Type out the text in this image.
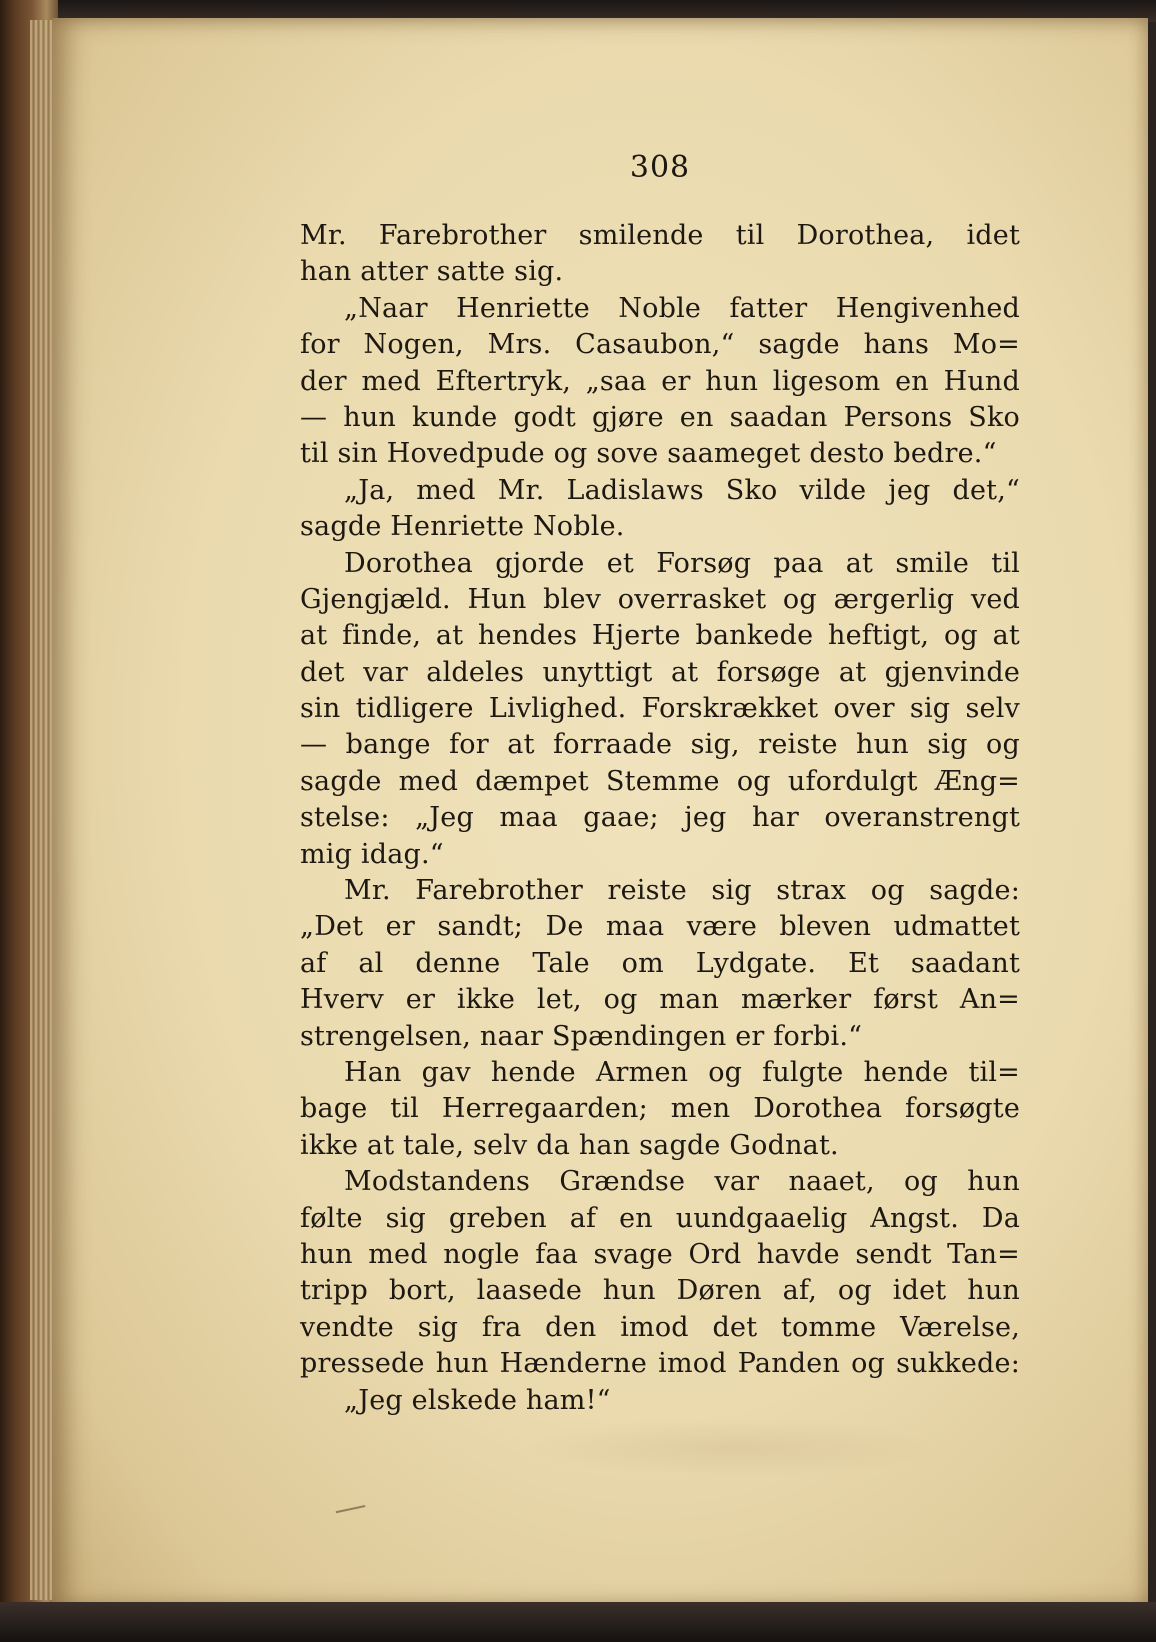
308
Mr. Farebrother smilende til Dorothea, idet
han atter satte sig.
„Naar Henriette Noble fatter Hengivenhed
for Nogen, Mrs. Casaubon,“ sagde hans Mo=
der med Eftertryk, „saa er hun ligesom en Hund
— hun kunde godt gjøre en saadan Persons Sko
til sin Hovedpude og sove saameget desto bedre.“
„Ja, med Mr. Ladislaws Sko vilde jeg det,“
sagde Henriette Noble.
Dorothea gjorde et Forsøg paa at smile til
Gjengjæld. Hun blev overrasket og ærgerlig ved
at finde, at hendes Hjerte bankede heftigt, og at
det var aldeles unyttigt at forsøge at gjenvinde
sin tidligere Livlighed. Forskrækket over sig selv
— bange for at forraade sig, reiste hun sig og
sagde med dæmpet Stemme og ufordulgt Æng=
stelse: „Jeg maa gaae; jeg har overanstrengt
mig idag.“
Mr. Farebrother reiste sig strax og sagde:
„Det er sandt; De maa være bleven udmattet
af al denne Tale om Lydgate. Et saadant
Hverv er ikke let, og man mærker først An=
strengelsen, naar Spændingen er forbi.“
Han gav hende Armen og fulgte hende til=
bage til Herregaarden; men Dorothea forsøgte
ikke at tale, selv da han sagde Godnat.
Modstandens Grændse var naaet, og hun
følte sig greben af en uundgaaelig Angst. Da
hun med nogle faa svage Ord havde sendt Tan=
tripp bort, laasede hun Døren af, og idet hun
vendte sig fra den imod det tomme Værelse,
pressede hun Hænderne imod Panden og sukkede:
„Jeg elskede ham!“
